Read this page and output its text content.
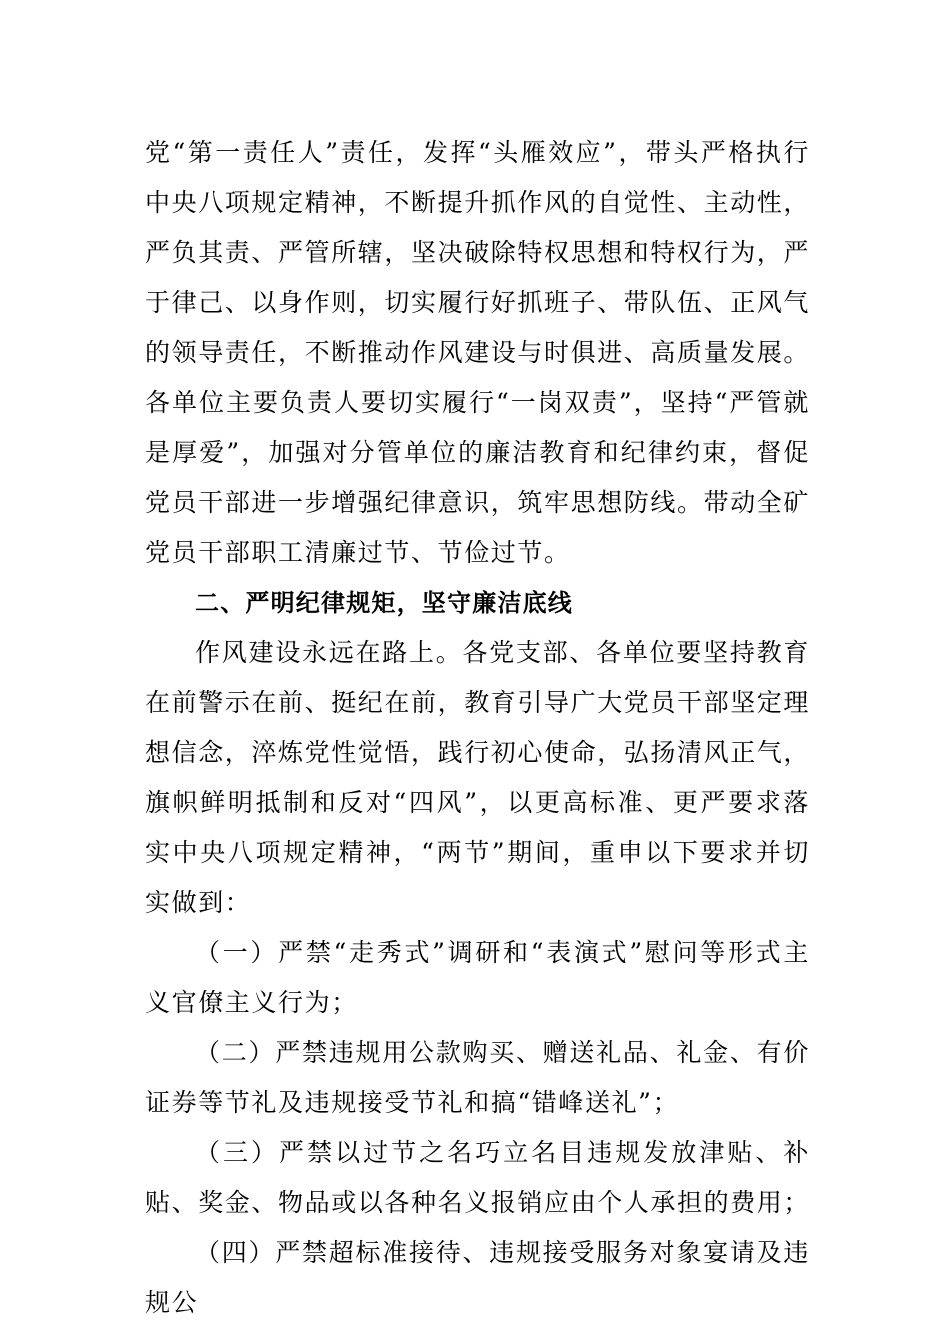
党“第一责任人”责任，发挥“头雁效应”，带头严格执行中央八项规定精神，不断提升抓作风的自觉性、主动性，严负其责、严管所辖，坚决破除特权思想和特权行为，严于律己、以身作则，切实履行好抓班子、带队伍、正风气的领导责任，不断推动作风建设与时俱进、高质量发展。各单位主要负责人要切实履行“一岗双责”，坚持“严管就是厚爱”，加强对分管单位的廉洁教育和纪律约束，督促党员干部进一步增强纪律意识，筑牢思想防线。带动全矿党员干部职工清廉过节、节俭过节。

二、严明纪律规矩，坚守廉洁底线

作风建设永远在路上。各党支部、各单位要坚持教育在前警示在前、挺纪在前，教育引导广大党员干部坚定理想信念，淬炼党性觉悟，践行初心使命，弘扬清风正气，旗帜鲜明抵制和反对“四风”，以更高标准、更严要求落实中央八项规定精神，“两节”期间，重申以下要求并切实做到：

（一）严禁“走秀式”调研和“表演式”慰问等形式主义官僚主义行为；

（二）严禁违规用公款购买、赠送礼品、礼金、有价证券等节礼及违规接受节礼和搞“错峰送礼”；

（三）严禁以过节之名巧立名目违规发放津贴、补贴、奖金、物品或以各种名义报销应由个人承担的费用；

（四）严禁超标准接待、违规接受服务对象宴请及违规公
